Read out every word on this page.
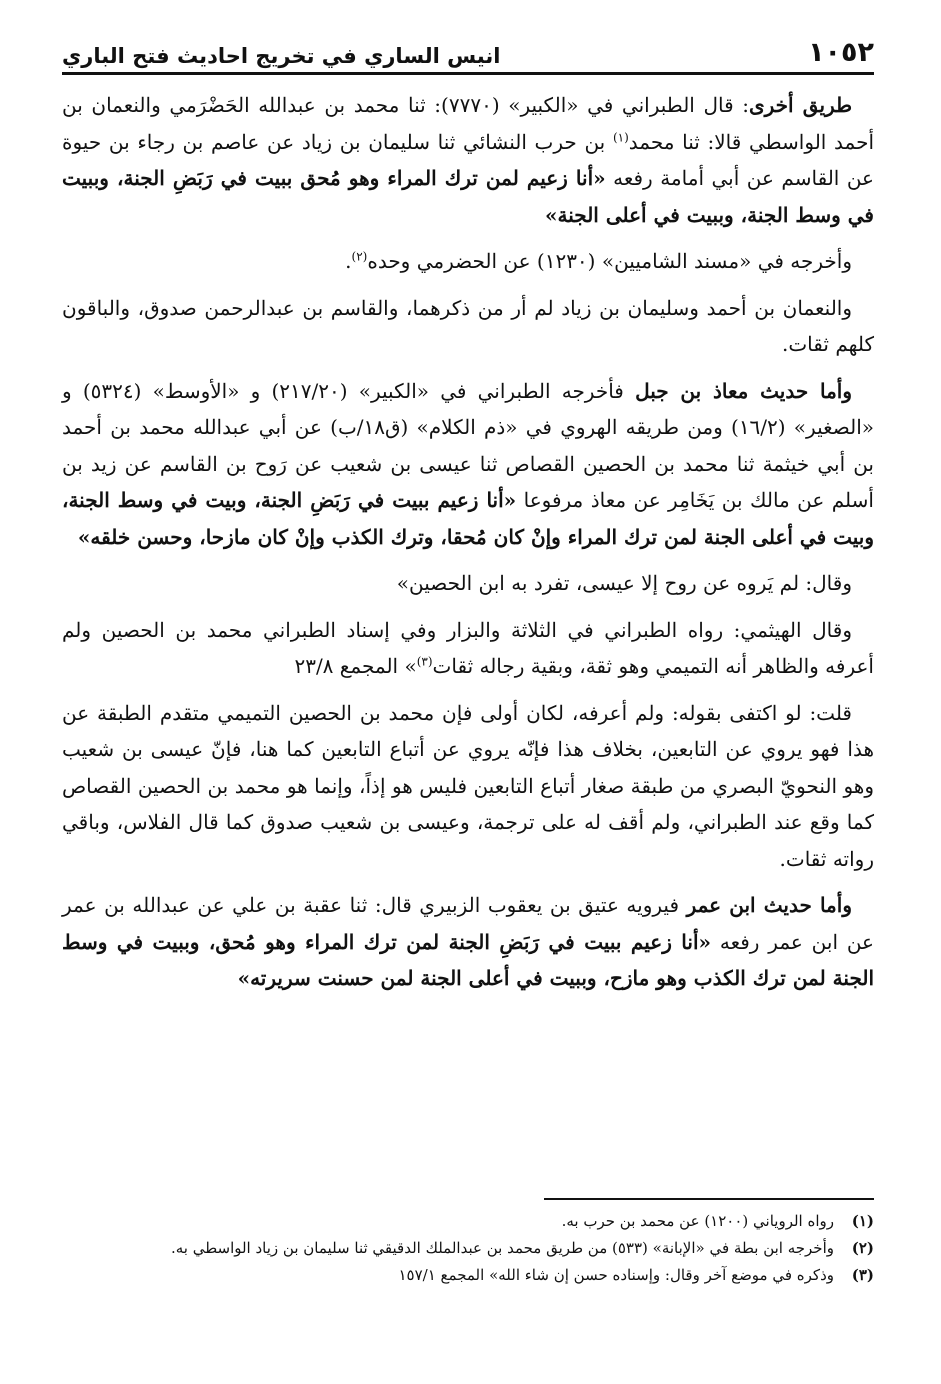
١٠٥٢
انيس الساري في تخريج احاديث فتح الباري

طريق أخرى: قال الطبراني في «الكبير» (٧٧٧٠): ثنا محمد بن عبدالله الحَضْرَمي والنعمان بن أحمد الواسطي قالا: ثنا محمد$^{(١)}$ بن حرب النشائي ثنا سليمان بن زياد عن عاصم بن رجاء بن حيوة عن القاسم عن أبي أمامة رفعه «أنا زعيم لمن ترك المراء وهو مُحق ببيت في رَبَضِ الجنة، وببيت في وسط الجنة، وببيت في أعلى الجنة»

وأخرجه في «مسند الشاميين» (١٢٣٠) عن الحضرمي وحده$^{(٢)}$.

والنعمان بن أحمد وسليمان بن زياد لم أر من ذكرهما، والقاسم بن عبدالرحمن صدوق، والباقون كلهم ثقات.

وأما حديث معاذ بن جبل فأخرجه الطبراني في «الكبير» (٢١٧/٢٠) و «الأوسط» (٥٣٢٤) و «الصغير» (١٦/٢) ومن طريقه الهروي في «ذم الكلام» (ق١٨/ب) عن أبي عبدالله محمد بن أحمد بن أبي خيثمة ثنا محمد بن الحصين القصاص ثنا عيسى بن شعيب عن رَوح بن القاسم عن زيد بن أسلم عن مالك بن يَخَامِر عن معاذ مرفوعا «أنا زعيم ببيت في رَبَضِ الجنة، وبيت في وسط الجنة، وبيت في أعلى الجنة لمن ترك المراء وإنْ كان مُحقا، وترك الكذب وإنْ كان مازحا، وحسن خلقه»

وقال: لم يَروه عن روح إلا عيسى، تفرد به ابن الحصين»

وقال الهيثمي: رواه الطبراني في الثلاثة والبزار وفي إسناد الطبراني محمد بن الحصين ولم أعرفه والظاهر أنه التميمي وهو ثقة، وبقية رجاله ثقات$^{(٣)}$» المجمع ٢٣/٨

قلت: لو اكتفى بقوله: ولم أعرفه، لكان أولى فإن محمد بن الحصين التميمي متقدم الطبقة عن هذا فهو يروي عن التابعين، بخلاف هذا فإنّه يروي عن أتباع التابعين كما هنا، فإنّ عيسى بن شعيب وهو النحويّ البصري من طبقة صغار أتباع التابعين فليس هو إذاً، وإنما هو محمد بن الحصين القصاص كما وقع عند الطبراني، ولم أقف له على ترجمة، وعيسى بن شعيب صدوق كما قال الفلاس، وباقي رواته ثقات.

وأما حديث ابن عمر فيرويه عتيق بن يعقوب الزبيري قال: ثنا عقبة بن علي عن عبدالله بن عمر عن ابن عمر رفعه «أنا زعيم ببيت في رَبَضِ الجنة لمن ترك المراء وهو مُحق، وببيت في وسط الجنة لمن ترك الكذب وهو مازح، وببيت في أعلى الجنة لمن حسنت سريرته»

(١)
رواه الروياني (١٢٠٠) عن محمد بن حرب به.
(٢)
وأخرجه ابن بطة في «الإبانة» (٥٣٣) من طريق محمد بن عبدالملك الدقيقي ثنا سليمان بن زياد الواسطي به.
(٣)
وذكره في موضع آخر وقال: وإسناده حسن إن شاء الله» المجمع ١٥٧/١
